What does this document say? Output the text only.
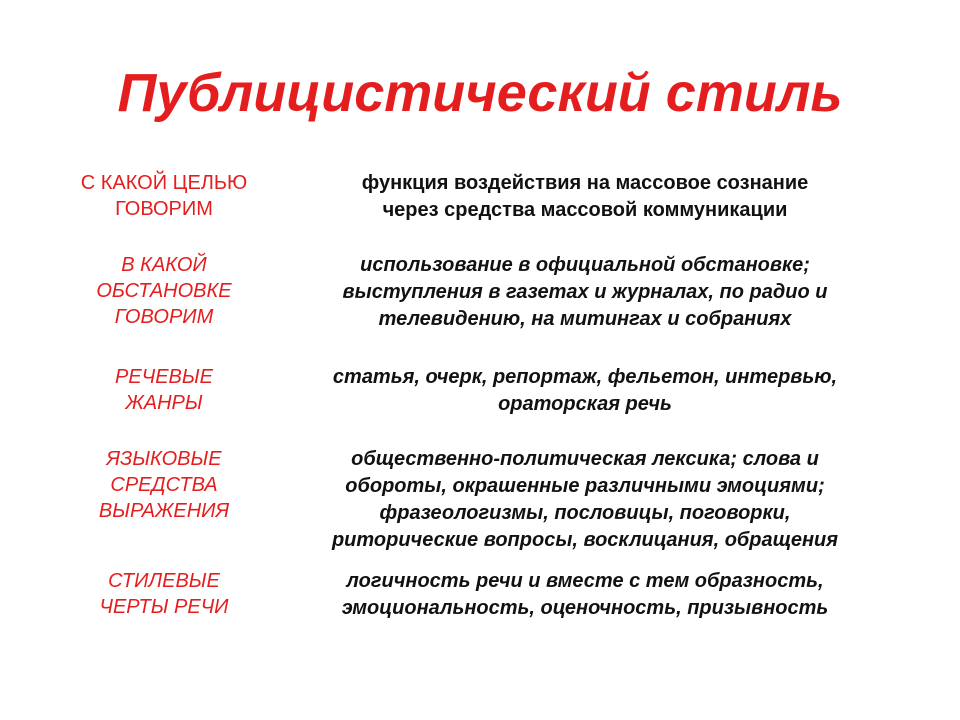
Публицистический стиль
С КАКОЙ ЦЕЛЬЮ
ГОВОРИМ
функция воздействия на массовое сознание
через средства массовой коммуникации
В КАКОЙ
ОБСТАНОВКЕ
ГОВОРИМ
использование в официальной обстановке;
выступления в газетах и журналах, по радио и
телевидению, на митингах и собраниях
РЕЧЕВЫЕ
ЖАНРЫ
статья, очерк, репортаж, фельетон, интервью,
ораторская речь
ЯЗЫКОВЫЕ
СРЕДСТВА
ВЫРАЖЕНИЯ
общественно-политическая лексика; слова и
обороты, окрашенные различными эмоциями;
фразеологизмы, пословицы, поговорки,
риторические вопросы, восклицания, обращения
СТИЛЕВЫЕ
ЧЕРТЫ РЕЧИ
логичность речи и вместе с тем образность,
эмоциональность, оценочность, призывность
